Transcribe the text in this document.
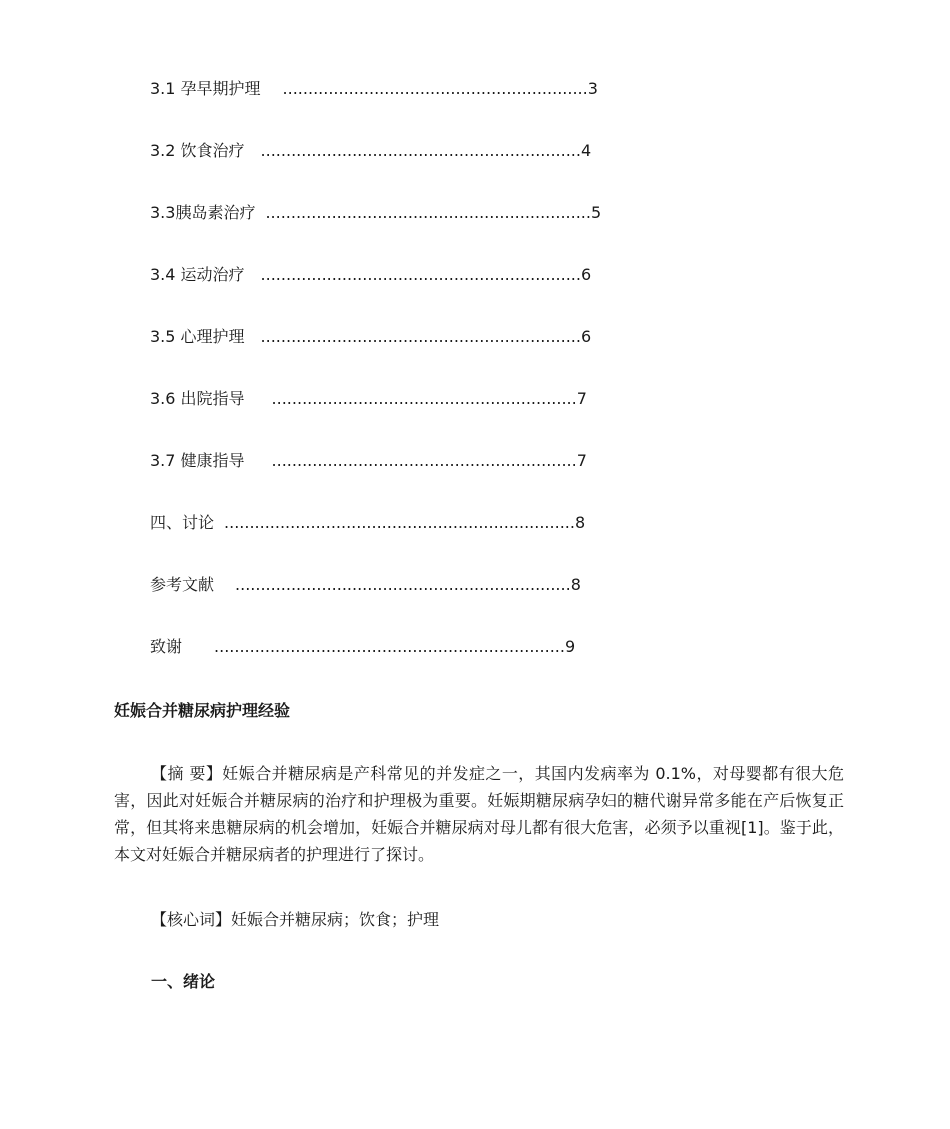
3.1 孕早期护理 ............................................................3
3.2 饮食治疗 ...............................................................4
3.3胰岛素治疗 ................................................................5
3.4 运动治疗 ...............................................................6
3.5 心理护理 ...............................................................6
3.6 出院指导 ............................................................7
3.7 健康指导 ............................................................7
四、讨论 .....................................................................8
参考文献 ..................................................................8
致谢 .....................................................................9
妊娠合并糖尿病护理经验

【摘 要】妊娠合并糖尿病是产科常见的并发症之一，其国内发病率为 0.1%，对母婴都有很大危害，因此对妊娠合并糖尿病的治疗和护理极为重要。妊娠期糖尿病孕妇的糖代谢异常多能在产后恢复正常，但其将来患糖尿病的机会增加，妊娠合并糖尿病对母儿都有很大危害，必须予以重视[1]。鉴于此，本文对妊娠合并糖尿病者的护理进行了探讨。

【核心词】妊娠合并糖尿病；饮食；护理
一、绪论
